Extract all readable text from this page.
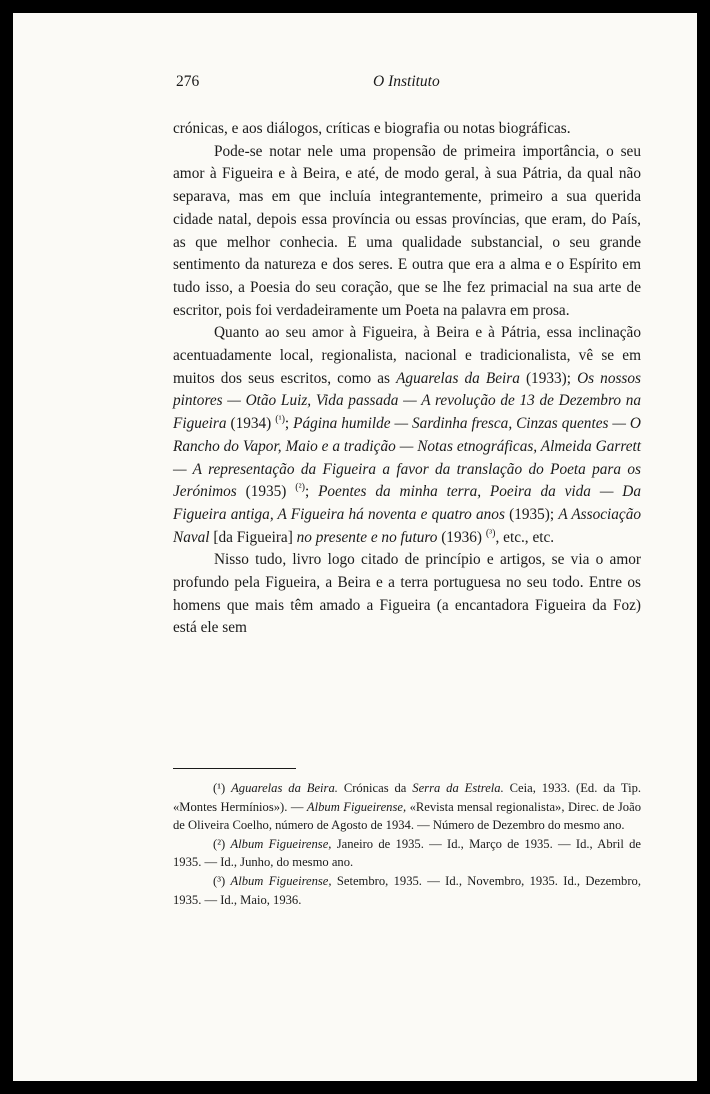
276	O Instituto

crónicas, e aos diálogos, críticas e biografia ou notas biográficas.

Pode-se notar nele uma propensão de primeira importância, o seu amor à Figueira e à Beira, e até, de modo geral, à sua Pátria, da qual não separava, mas em que incluía integrantemente, primeiro a sua querida cidade natal, depois essa província ou essas províncias, que eram, do País, as que melhor conhecia. E uma qualidade substancial, o seu grande sentimento da natureza e dos seres. E outra que era a alma e o Espírito em tudo isso, a Poesia do seu coração, que se lhe fez primacial na sua arte de escritor, pois foi verdadeiramente um Poeta na palavra em prosa.

Quanto ao seu amor à Figueira, à Beira e à Pátria, essa inclinação acentuadamente local, regionalista, nacional e tradicionalista, vê se em muitos dos seus escritos, como as Aguarelas da Beira (1933); Os nossos pintores — Otão Luiz, Vida passada — A revolução de 13 de Dezembro na Figueira (1934) $^{(^1)}$; Página humilde — Sardinha fresca, Cinzas quentes — O Rancho do Vapor, Maio e a tradição — Notas etnográficas, Almeida Garrett — A representação da Figueira a favor da translação do Poeta para os Jerónimos (1935) $^{(^2)}$; Poentes da minha terra, Poeira da vida — Da Figueira antiga, A Figueira há noventa e quatro anos (1935); A Associação Naval [da Figueira] no presente e no futuro (1936) $^{(^3)}$, etc., etc.

Nisso tudo, livro logo citado de princípio e artigos, se via o amor profundo pela Figueira, a Beira e a terra portuguesa no seu todo. Entre os homens que mais têm amado a Figueira (a encantadora Figueira da Foz) está ele sem

(¹) Aguarelas da Beira. Crónicas da Serra da Estrela. Ceia, 1933. (Ed. da Tip. «Montes Hermínios»). — Album Figueirense, «Revista mensal regionalista», Direc. de João de Oliveira Coelho, número de Agosto de 1934. — Número de Dezembro do mesmo ano.

(²) Album Figueirense, Janeiro de 1935. — Id., Março de 1935. — Id., Abril de 1935. — Id., Junho, do mesmo ano.

(³) Album Figueirense, Setembro, 1935. — Id., Novembro, 1935. Id., Dezembro, 1935. — Id., Maio, 1936.
